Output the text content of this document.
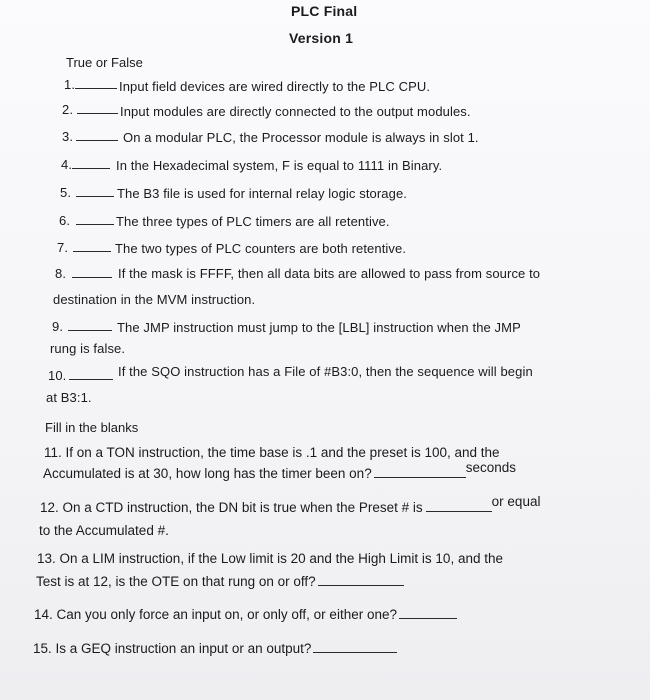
PLC Final
Version 1
True or False
1.	Input field devices are wired directly to the PLC CPU.
2.	Input modules are directly connected to the output modules.
3.	On a modular PLC, the Processor module is always in slot 1.
4.	In the Hexadecimal system, F is equal to 1111 in Binary.
5.	The B3 file is used for internal relay logic storage.
6.	The three types of PLC timers are all retentive.
7.	The two types of PLC counters are both retentive.
8.	If the mask is FFFF, then all data bits are allowed to pass from source to
destination in the MVM instruction.
9.	The JMP instruction must jump to the [LBL] instruction when the JMP
rung is false.
10.	If the SQO instruction has a File of #B3:0, then the sequence will begin
at B3:1.
Fill in the blanks
11. If on a TON instruction, the time base is .1 and the preset is 100, and the
Accumulated is at 30, how long has the timer been on?	seconds
12. On a CTD instruction, the DN bit is true when the Preset # is	or equal
to the Accumulated #.
13. On a LIM instruction, if the Low limit is 20 and the High Limit is 10, and the
Test is at 12, is the OTE on that rung on or off?
14. Can you only force an input on, or only off, or either one?
15. Is a GEQ instruction an input or an output?
